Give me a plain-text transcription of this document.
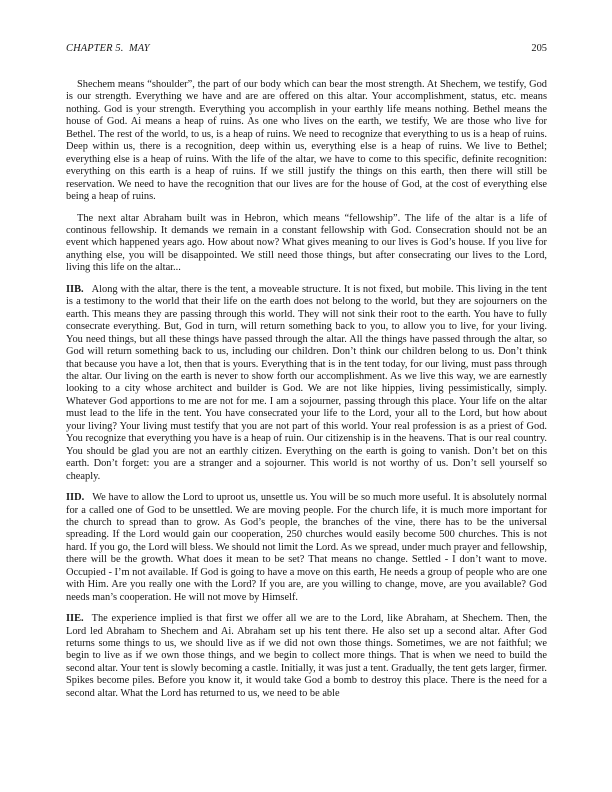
CHAPTER 5.  MAY	205

Shechem means “shoulder”, the part of our body which can bear the most strength. At Shechem, we testify, God is our strength. Everything we have and are are offered on this altar. Your accomplishment, status, etc. means nothing. God is your strength. Everything you accomplish in your earthly life means nothing. Bethel means the house of God. Ai means a heap of ruins. As one who lives on the earth, we testify, We are those who live for Bethel. The rest of the world, to us, is a heap of ruins. We need to recognize that everything to us is a heap of ruins. Deep within us, there is a recognition, deep within us, everything else is a heap of ruins. We live to Bethel; everything else is a heap of ruins. With the life of the altar, we have to come to this specific, definite recognition: everything on this earth is a heap of ruins. If we still justify the things on this earth, then there will still be reservation. We need to have the recognition that our lives are for the house of God, at the cost of everything else being a heap of ruins.

The next altar Abraham built was in Hebron, which means “fellowship”. The life of the altar is a life of continous fellowship. It demands we remain in a constant fellowship with God. Consecration should not be an event which happened years ago. How about now? What gives meaning to our lives is God’s house. If you live for anything else, you will be disappointed. We still need those things, but after consecrating our lives to the Lord, living this life on the altar...

IIB. Along with the altar, there is the tent, a moveable structure. It is not fixed, but mobile. This living in the tent is a testimony to the world that their life on the earth does not belong to the world, but they are sojourners on the earth. This means they are passing through this world. They will not sink their root to the earth. You have to fully consecrate everything. But, God in turn, will return something back to you, to allow you to live, for your living. You need things, but all these things have passed through the altar. All the things have passed through the altar, so God will return something back to us, including our children. Don’t think our children belong to us. Don’t think that because you have a lot, then that is yours. Everything that is in the tent today, for our living, must pass through the altar. Our living on the earth is never to show forth our accomplishment. As we live this way, we are earnestly looking to a city whose architect and builder is God. We are not like hippies, living pessimistically, simply. Whatever God apportions to me are not for me. I am a sojourner, passing through this place. Your life on the altar must lead to the life in the tent. You have consecrated your life to the Lord, your all to the Lord, but how about your living? Your living must testify that you are not part of this world. Your real profession is as a priest of God. You recognize that everything you have is a heap of ruin. Our citizenship is in the heavens. That is our real country. You should be glad you are not an earthly citizen. Everything on the earth is going to vanish. Don’t bet on this earth. Don’t forget: you are a stranger and a sojourner. This world is not worthy of us. Don’t sell yourself so cheaply.

IID. We have to allow the Lord to uproot us, unsettle us. You will be so much more useful. It is absolutely normal for a called one of God to be unsettled. We are moving people. For the church life, it is much more important for the church to spread than to grow. As God’s people, the branches of the vine, there has to be the universal spreading. If the Lord would gain our cooperation, 250 churches would easily become 500 churches. This is not hard. If you go, the Lord will bless. We should not limit the Lord. As we spread, under much prayer and fellowship, there will be the growth. What does it mean to be set? That means no change. Settled - I don’t want to move. Occupied - I’m not available. If God is going to have a move on this earth, He needs a group of people who are one with Him. Are you really one with the Lord? If you are, are you willing to change, move, are you available? God needs man’s cooperation. He will not move by Himself.

IIE. The experience implied is that first we offer all we are to the Lord, like Abraham, at Shechem. Then, the Lord led Abraham to Shechem and Ai. Abraham set up his tent there. He also set up a second altar. After God returns some things to us, we should live as if we did not own those things. Sometimes, we are not faithful; we begin to live as if we own those things, and we begin to collect more things. That is when we need to build the second altar. Your tent is slowly becoming a castle. Initially, it was just a tent. Gradually, the tent gets larger, firmer. Spikes become piles. Before you know it, it would take God a bomb to destroy this place. There is the need for a second altar. What the Lord has returned to us, we need to be able
